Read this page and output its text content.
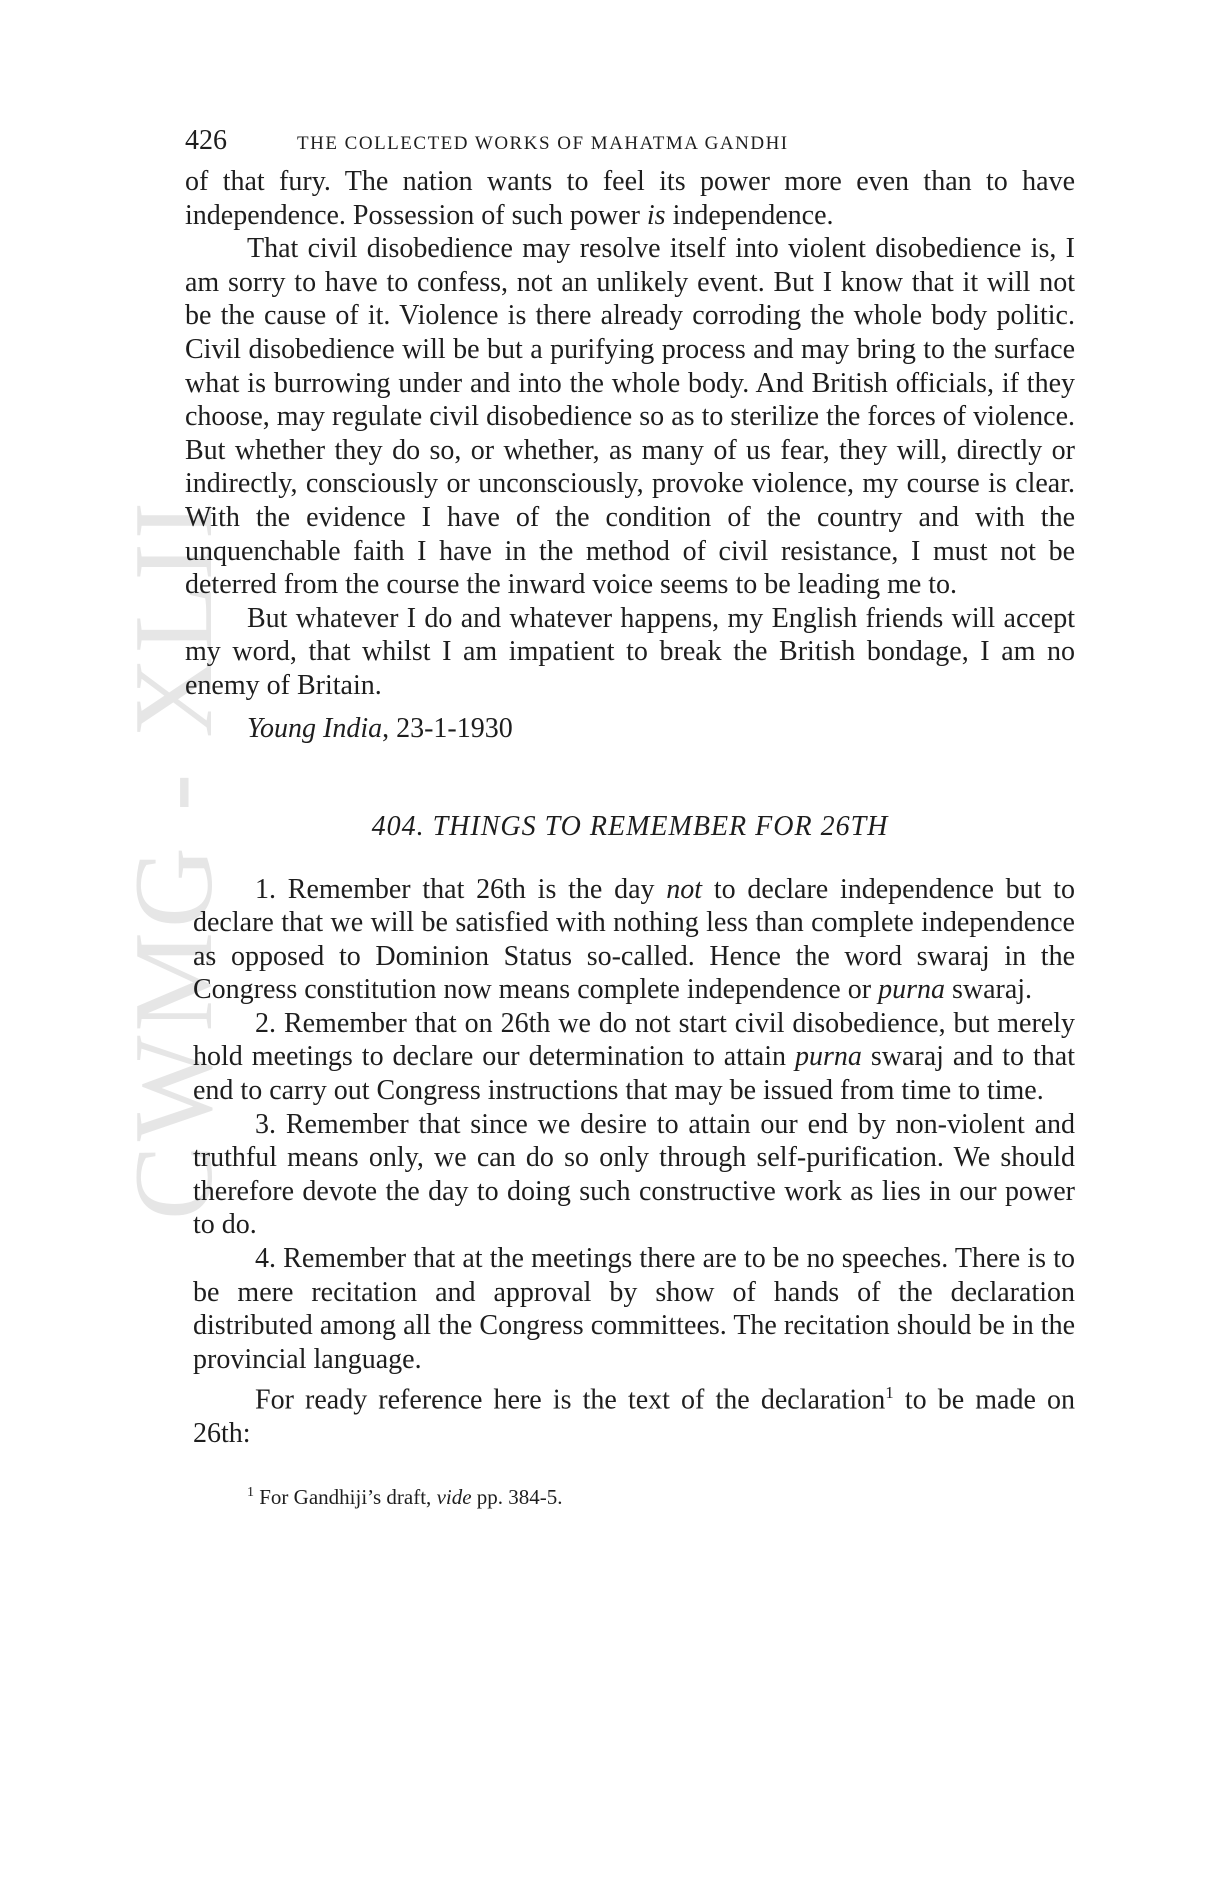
CWMG - XLII
426	THE COLLECTED WORKS OF MAHATMA GANDHI

of that fury. The nation wants to feel its power more even than to have independence. Possession of such power is independence.

That civil disobedience may resolve itself into violent disobedience is, I am sorry to have to confess, not an unlikely event. But I know that it will not be the cause of it. Violence is there already corroding the whole body politic. Civil disobedience will be but a purifying process and may bring to the surface what is burrowing under and into the whole body. And British officials, if they choose, may regulate civil disobedience so as to sterilize the forces of violence. But whether they do so, or whether, as many of us fear, they will, directly or indirectly, consciously or unconsciously, provoke violence, my course is clear. With the evidence I have of the condition of the country and with the unquenchable faith I have in the method of civil resistance, I must not be deterred from the course the inward voice seems to be leading me to.

But whatever I do and whatever happens, my English friends will accept my word, that whilst I am impatient to break the British bondage, I am no enemy of Britain.

Young India, 23-1-1930

404. THINGS TO REMEMBER FOR 26TH

1. Remember that 26th is the day not to declare independence but to declare that we will be satisfied with nothing less than complete independence as opposed to Dominion Status so-called. Hence the word swaraj in the Congress constitution now means complete independence or purna swaraj.

2. Remember that on 26th we do not start civil disobedience, but merely hold meetings to declare our determination to attain purna swaraj and to that end to carry out Congress instructions that may be issued from time to time.

3. Remember that since we desire to attain our end by non-violent and truthful means only, we can do so only through self-purification. We should therefore devote the day to doing such constructive work as lies in our power to do.

4. Remember that at the meetings there are to be no speeches. There is to be mere recitation and approval by show of hands of the declaration distributed among all the Congress committees. The recitation should be in the provincial language.

For ready reference here is the text of the declaration$^1$ to be made on 26th:

$^1$ For Gandhiji’s draft, vide pp. 384-5.
